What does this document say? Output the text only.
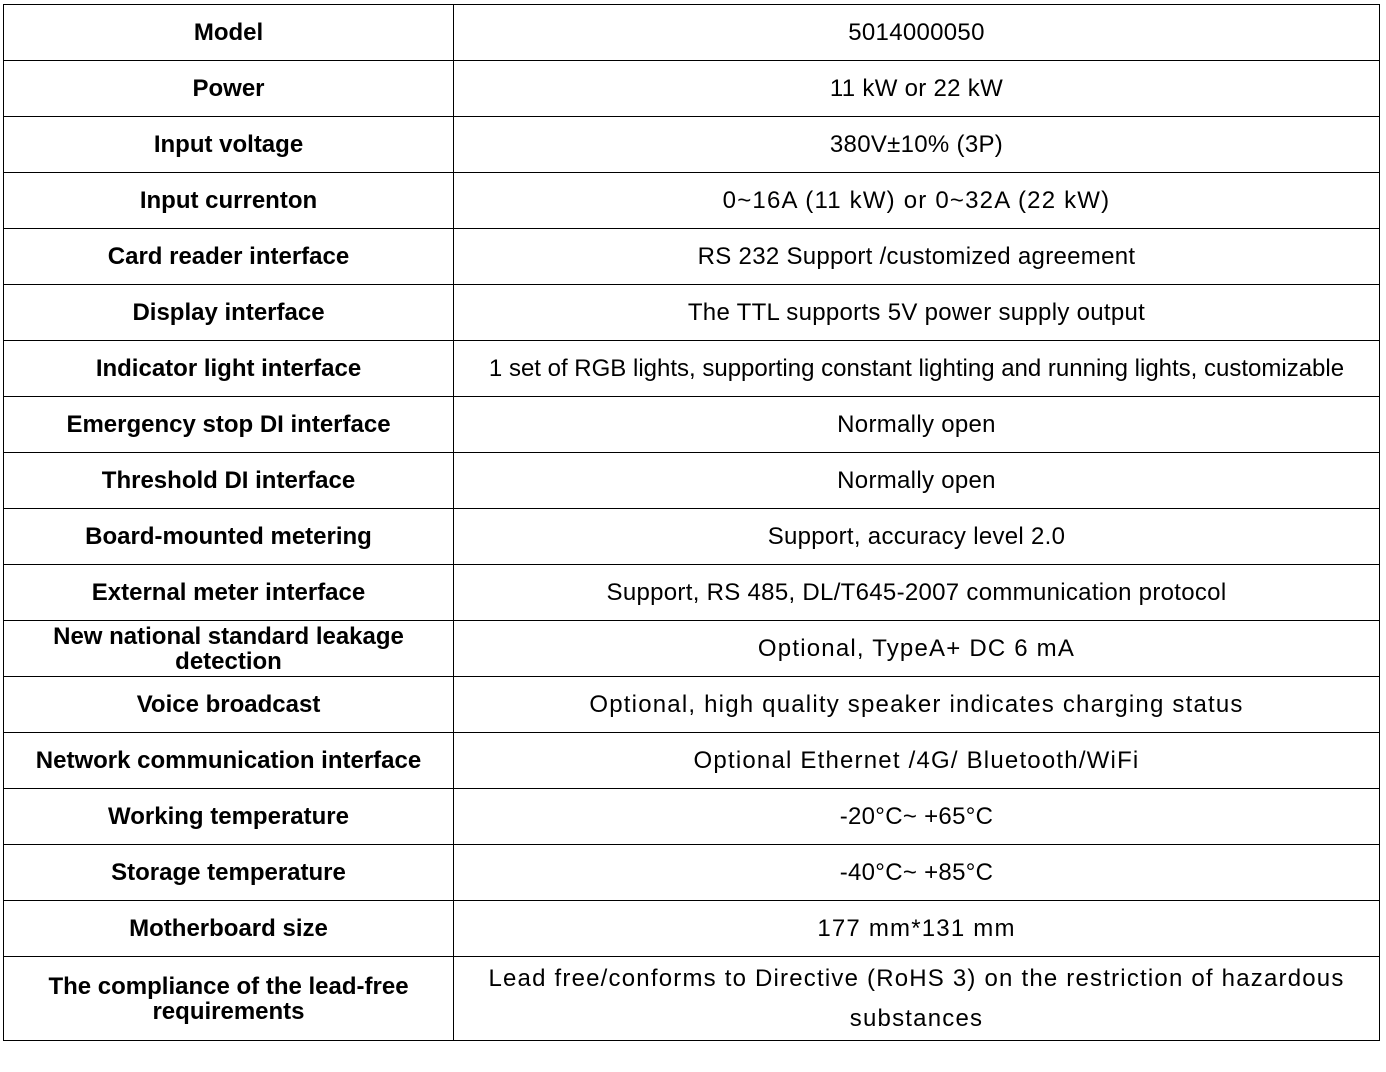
Model	5014000050
Power	11 kW or 22 kW
Input voltage	380V±10% (3P)
Input currenton	0~16A (11 kW) or 0~32A (22 kW)
Card reader interface	RS 232 Support /customized agreement
Display interface	The TTL supports 5V power supply output
Indicator light interface	1 set of RGB lights, supporting constant lighting and running lights, customizable
Emergency stop DI interface	Normally open
Threshold DI interface	Normally open
Board-mounted metering	Support, accuracy level 2.0
External meter interface	Support, RS 485, DL/T645-2007 communication protocol
New national standard leakage detection	Optional, TypeA+ DC 6 mA
Voice broadcast	Optional, high quality speaker indicates charging status
Network communication interface	Optional Ethernet /4G/ Bluetooth/WiFi
Working temperature	-20°C~ +65°C
Storage temperature	-40°C~ +85°C
Motherboard size	177 mm*131 mm
The compliance of the lead-free requirements	Lead free/conforms to Directive (RoHS 3) on the restriction of hazardous substances
